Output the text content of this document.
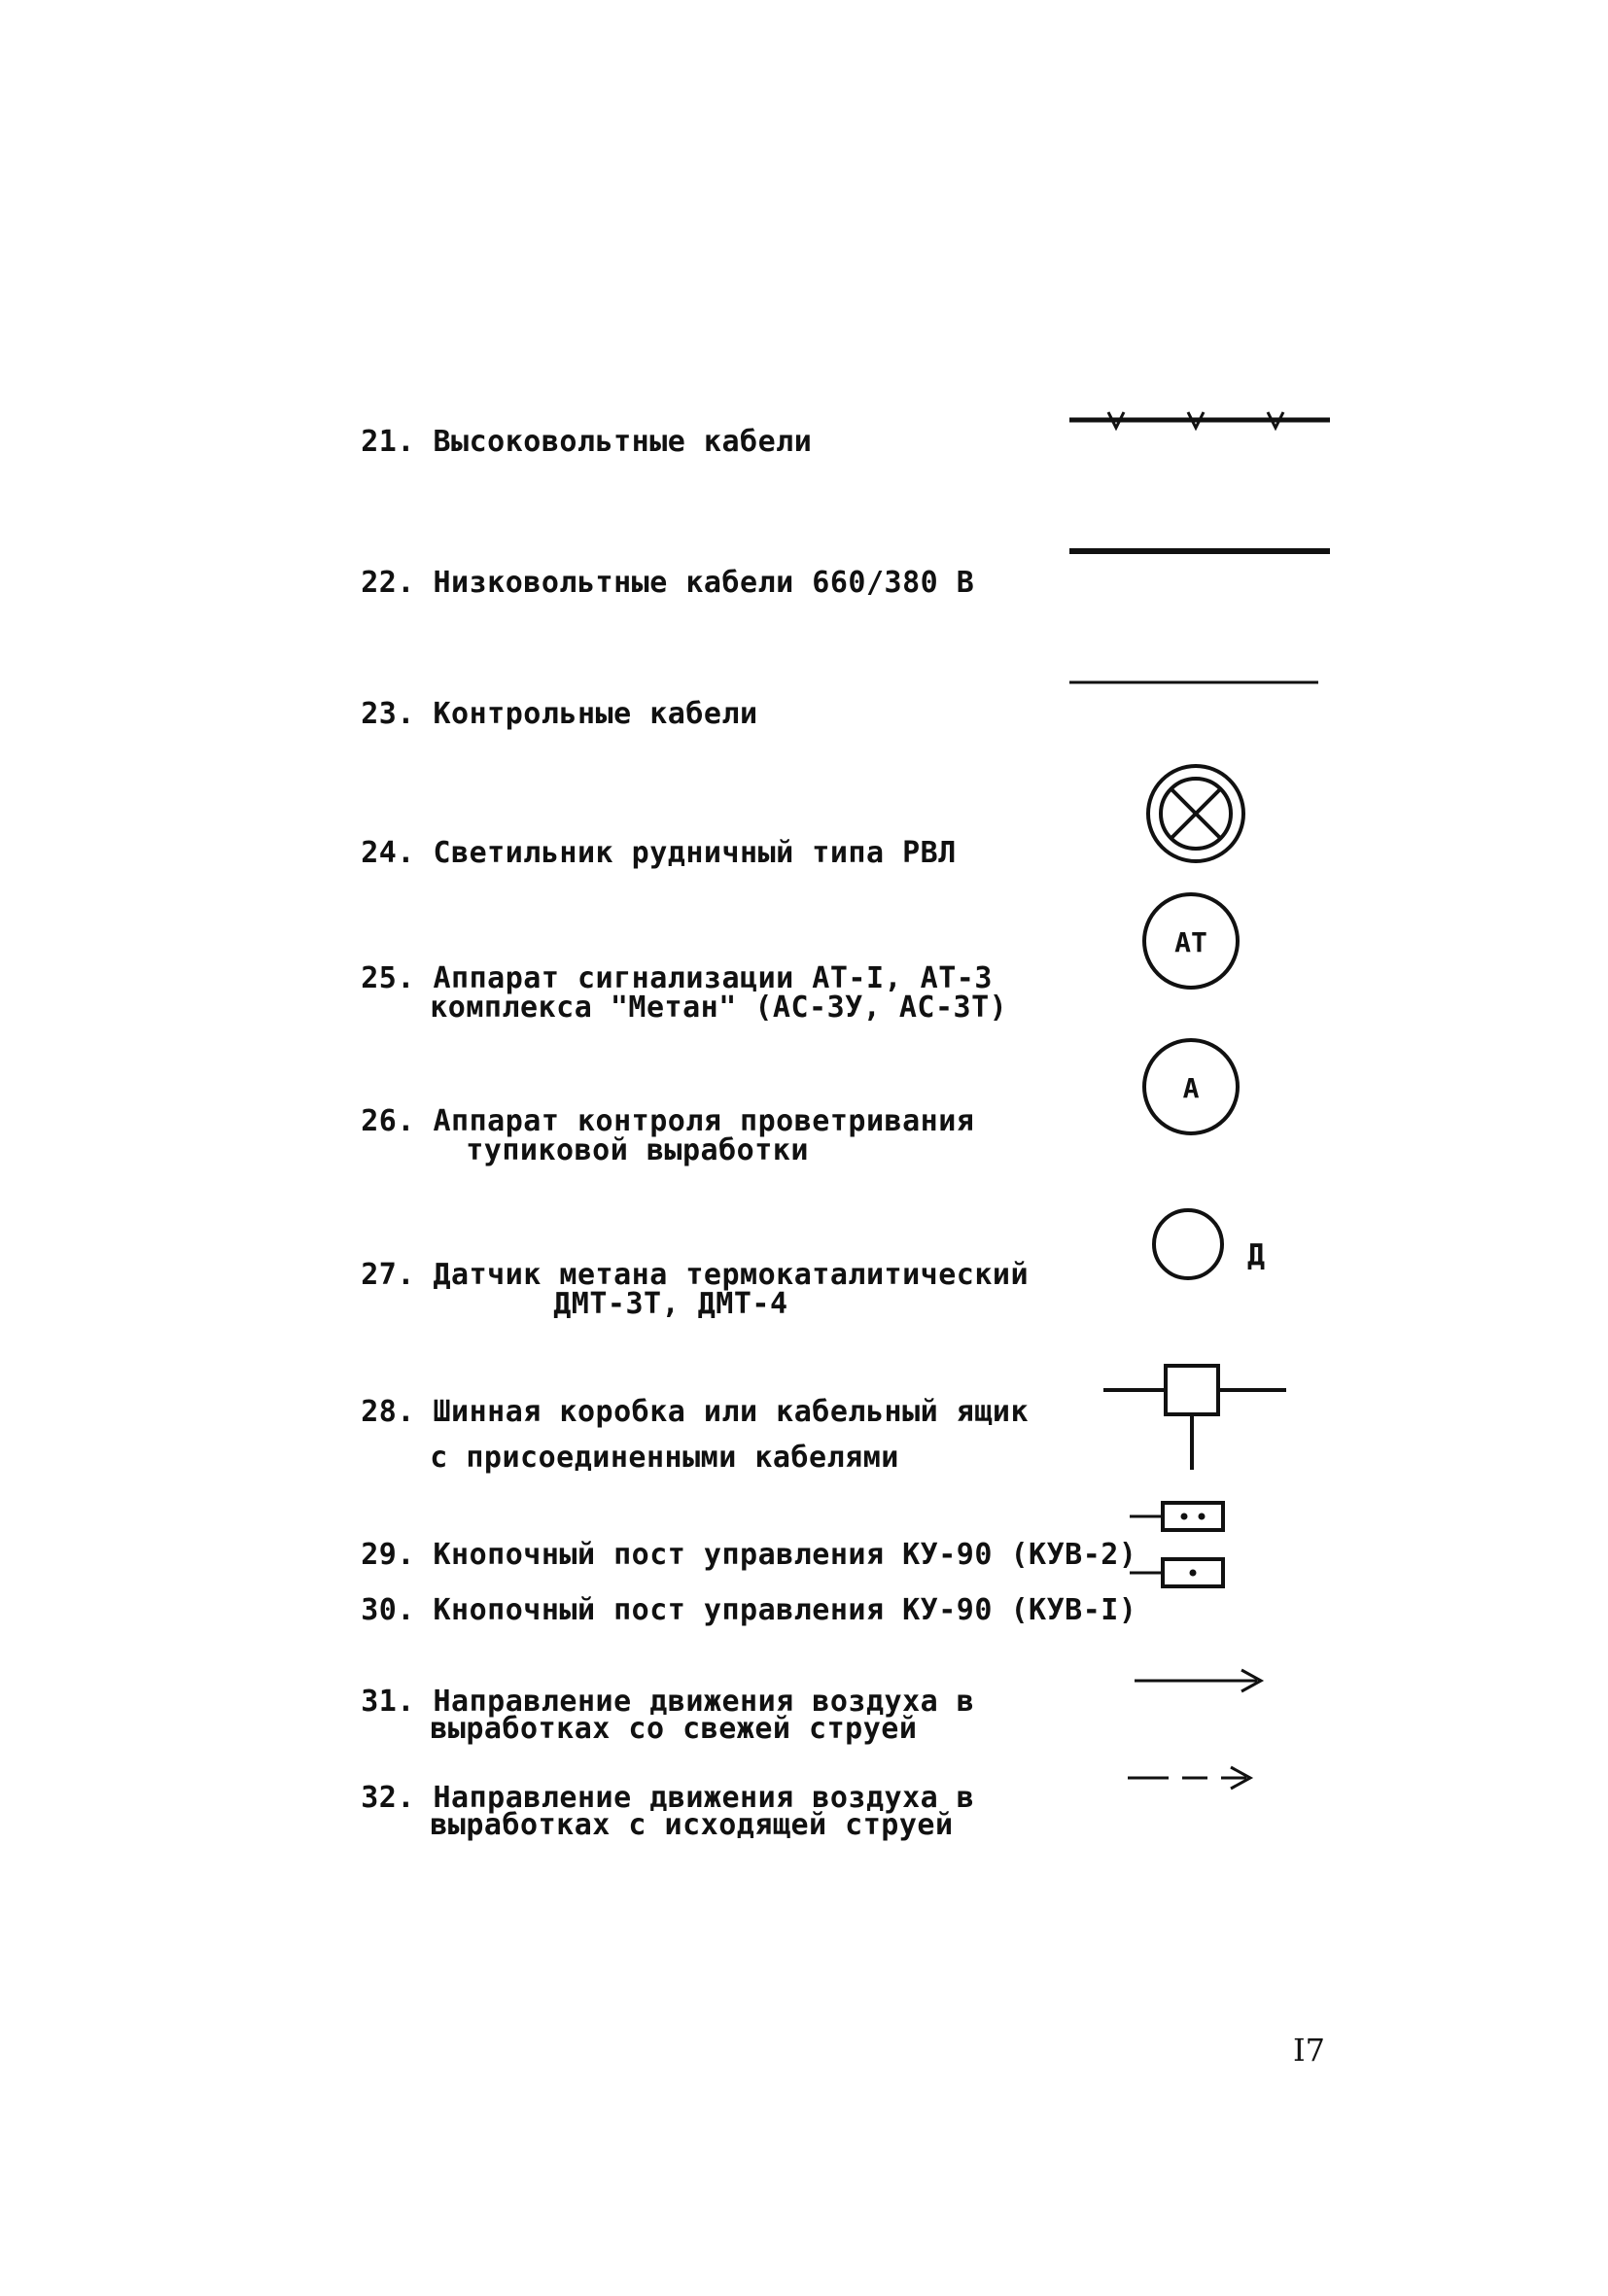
21. Высоковольтные кабели

22. Низковольтные кабели 660/380 В

23. Контрольные кабели

24. Светильник рудничный типа РВЛ

25. Аппарат сигнализации АТ-I, АТ-3

комплекса "Метан" (АС-3У, АС-3Т)

АТ

26. Аппарат контроля проветривания

тупиковой выработки

А

27. Датчик метана термокаталитический

ДМТ-3Т, ДМТ-4

Д

28. Шинная коробка или кабельный ящик

с присоединенными кабелями

29. Кнопочный пост управления КУ-90 (КУВ-2)

30. Кнопочный пост управления КУ-90 (КУВ-I)

31. Направление движения воздуха в

выработках со свежей струей

32. Направление движения воздуха в

выработках с исходящей струей

I7
